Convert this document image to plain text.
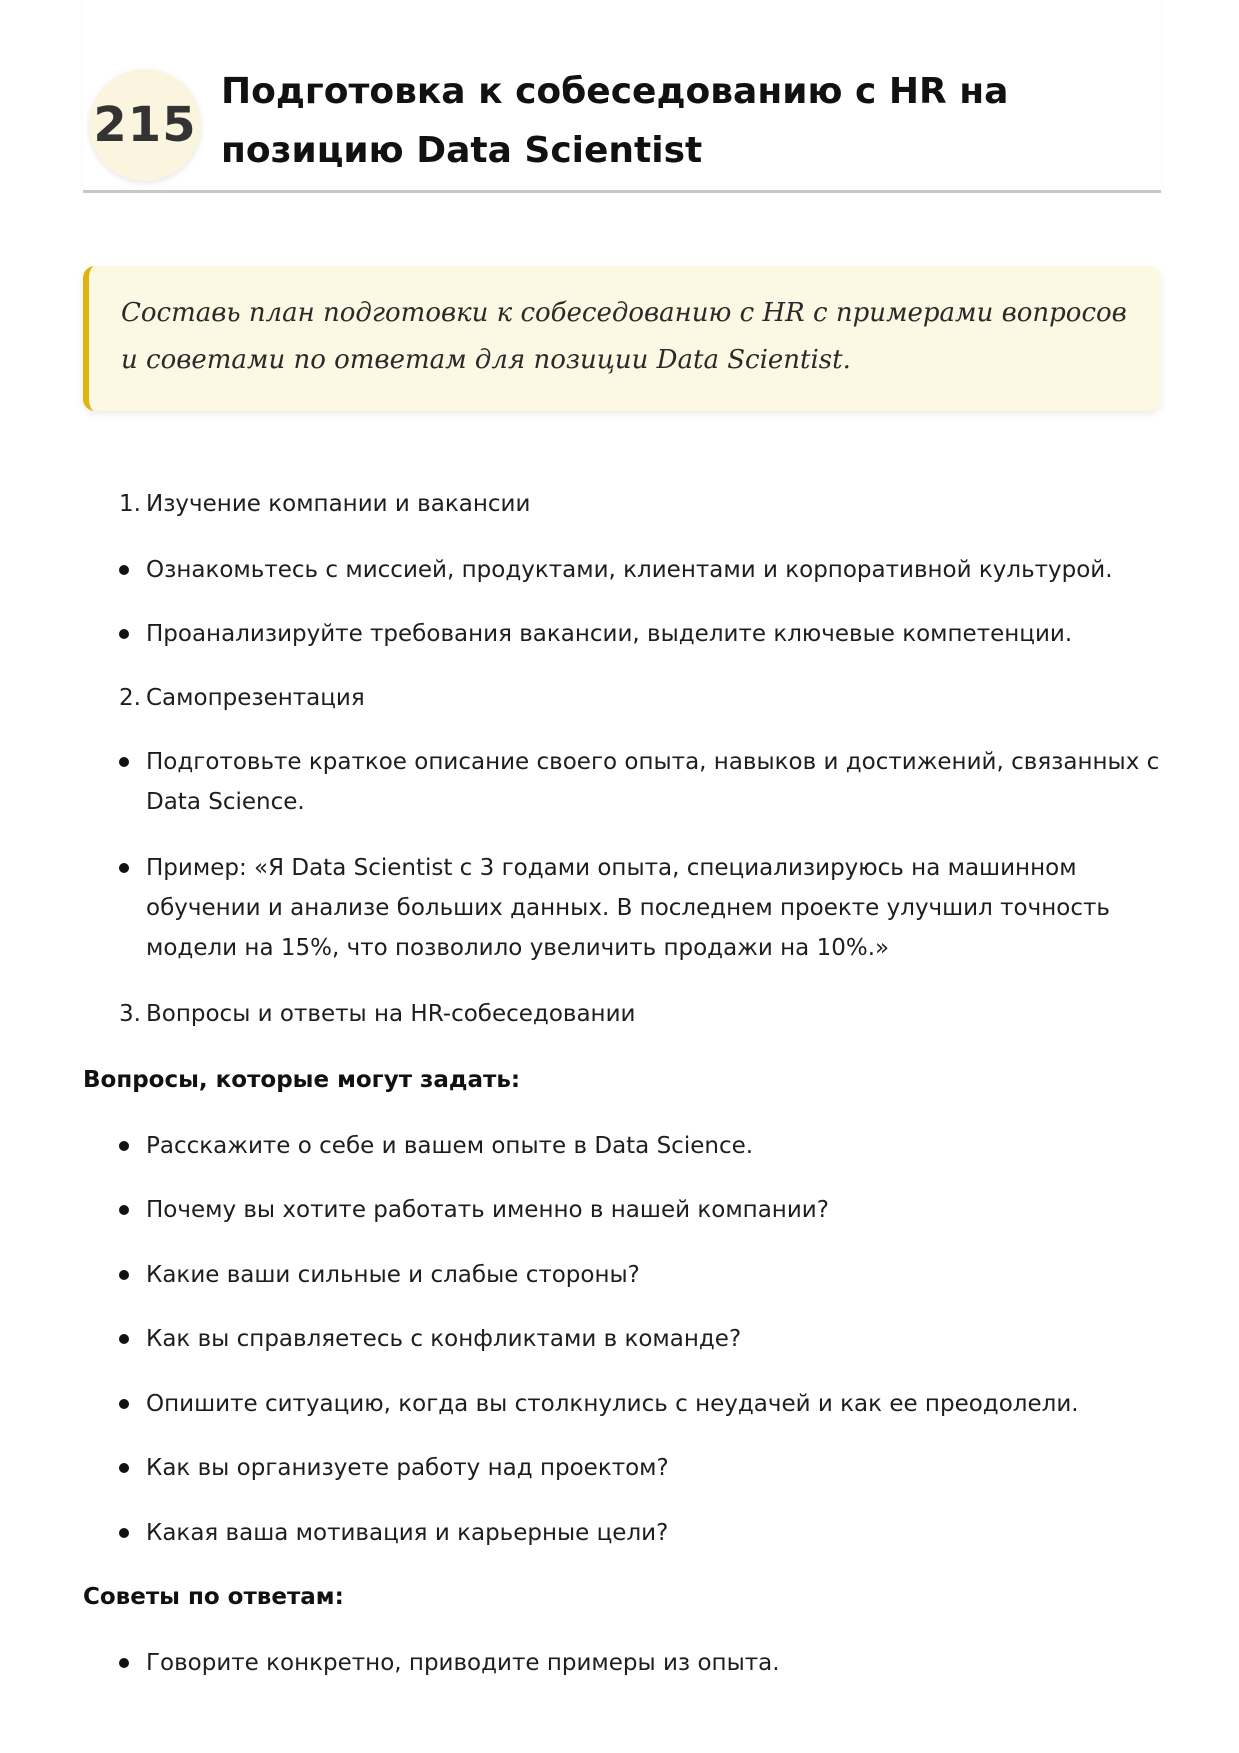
215
Подготовка к собеседованию с HR на позицию Data Scientist

Составь план подготовки к собеседованию с HR с примерами вопросов и советами по ответам для позиции Data Scientist.

1. Изучение компании и вакансии
Ознакомьтесь с миссией, продуктами, клиентами и корпоративной культурой.
Проанализируйте требования вакансии, выделите ключевые компетенции.
2. Самопрезентация
Подготовьте краткое описание своего опыта, навыков и достижений, связанных с Data Science.
Пример: «Я Data Scientist с 3 годами опыта, специализируюсь на машинном обучении и анализе больших данных. В последнем проекте улучшил точность модели на 15%, что позволило увеличить продажи на 10%.»
3. Вопросы и ответы на HR-собеседовании
Вопросы, которые могут задать:
Расскажите о себе и вашем опыте в Data Science.
Почему вы хотите работать именно в нашей компании?
Какие ваши сильные и слабые стороны?
Как вы справляетесь с конфликтами в команде?
Опишите ситуацию, когда вы столкнулись с неудачей и как ее преодолели.
Как вы организуете работу над проектом?
Какая ваша мотивация и карьерные цели?
Советы по ответам:
Говорите конкретно, приводите примеры из опыта.
